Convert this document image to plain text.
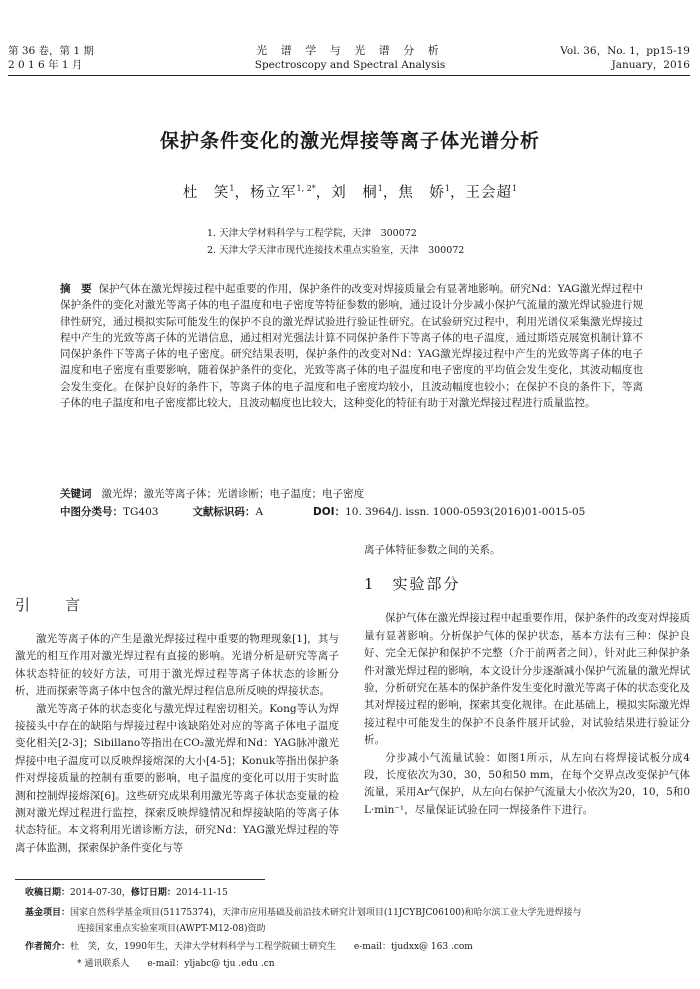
第 36 卷，第 1 期
2 0 1 6 年 1 月
光 谱 学 与 光 谱 分 析
Spectroscopy and Spectral Analysis
Vol. 36，No. 1，pp15-19
January，2016
保护条件变化的激光焊接等离子体光谱分析
杜　笑$^1$，杨立军$^{1, 2*}$，刘　桐$^1$，焦　娇$^1$，王会超$^1$
1. 天津大学材料科学与工程学院，天津　300072
2. 天津大学天津市现代连接技术重点实验室，天津　300072
摘　要 保护气体在激光焊接过程中起重要的作用，保护条件的改变对焊接质量会有显著地影响。研究Nd：YAG激光焊过程中保护条件的变化对激光等离子体的电子温度和电子密度等特征参数的影响，通过设计分步减小保护气流量的激光焊试验进行规律性研究，通过模拟实际可能发生的保护不良的激光焊试验进行验证性研究。在试验研究过程中，利用光谱仪采集激光焊接过程中产生的光致等离子体的光谱信息，通过相对光强法计算不同保护条件下等离子体的电子温度，通过斯塔克展宽机制计算不同保护条件下等离子体的电子密度。研究结果表明，保护条件的改变对Nd：YAG激光焊接过程中产生的光致等离子体的电子温度和电子密度有重要影响，随着保护条件的变化，光致等离子体的电子温度和电子密度的平均值会发生变化，其波动幅度也会发生变化。在保护良好的条件下，等离子体的电子温度和电子密度均较小，且波动幅度也较小；在保护不良的条件下，等离子体的电子温度和电子密度都比较大，且波动幅度也比较大，这种变化的特征有助于对激光焊接过程进行质量监控。
关键词 激光焊；激光等离子体；光谱诊断；电子温度；电子密度
中图分类号：TG403	文献标识码：A	DOI：10. 3964/j. issn. 1000-0593(2016)01-0015-05
引　言

激光等离子体的产生是激光焊接过程中重要的物理现象[1]，其与激光的相互作用对激光焊过程有直接的影响。光谱分析是研究等离子体状态特征的较好方法，可用于激光焊过程等离子体状态的诊断分析，进而探索等离子体中包含的激光焊过程信息所反映的焊接状态。

激光等离子体的状态变化与激光焊过程密切相关。Kong等认为焊接接头中存在的缺陷与焊接过程中该缺陷处对应的等离子体电子温度变化相关[2-3]；Sibillano等指出在CO₂激光焊和Nd：YAG脉冲激光焊接中电子温度可以反映焊接熔深的大小[4-5]；Konuk等指出保护条件对焊接质量的控制有重要的影响，电子温度的变化可以用于实时监测和控制焊接熔深[6]。这些研究成果利用激光等离子体状态变量的检测对激光焊过程进行监控，探索反映焊缝情况和焊接缺陷的等离子体状态特征。本文将利用光谱诊断方法，研究Nd：YAG激光焊过程的等离子体监测，探索保护条件变化与等

离子体特征参数之间的关系。

1　实验部分

保护气体在激光焊接过程中起重要作用，保护条件的改变对焊接质量有显著影响。分析保护气体的保护状态，基本方法有三种：保护良好、完全无保护和保护不完整（介于前两者之间），针对此三种保护条件对激光焊过程的影响，本文设计分步逐渐减小保护气流量的激光焊试验，分析研究在基本的保护条件发生变化时激光等离子体的状态变化及其对焊接过程的影响，探索其变化规律。在此基础上，模拟实际激光焊接过程中可能发生的保护不良条件展开试验，对试验结果进行验证分析。

分步减小气流量试验：如图1所示，从左向右将焊接试板分成4段，长度依次为30，30，50和50 mm，在每个交界点改变保护气体流量，采用Ar气保护，从左向右保护气流量大小依次为20，10，5和0 L·min⁻¹，尽量保证试验在同一焊接条件下进行。

收稿日期：2014-07-30，修订日期：2014-11-15
基金项目：国家自然科学基金项目(51175374)，天津市应用基础及前沿技术研究计划项目(11JCYBJC06100)和哈尔滨工业大学先进焊接与
连接国家重点实验室项目(AWPT-M12-08)资助
作者简介：杜　笑，女，1990年生，天津大学材料科学与工程学院硕士研究生　　e-mail：tjudxx@ 163 .com
* 通讯联系人　　e-mail：yljabc@ tju .edu .cn
